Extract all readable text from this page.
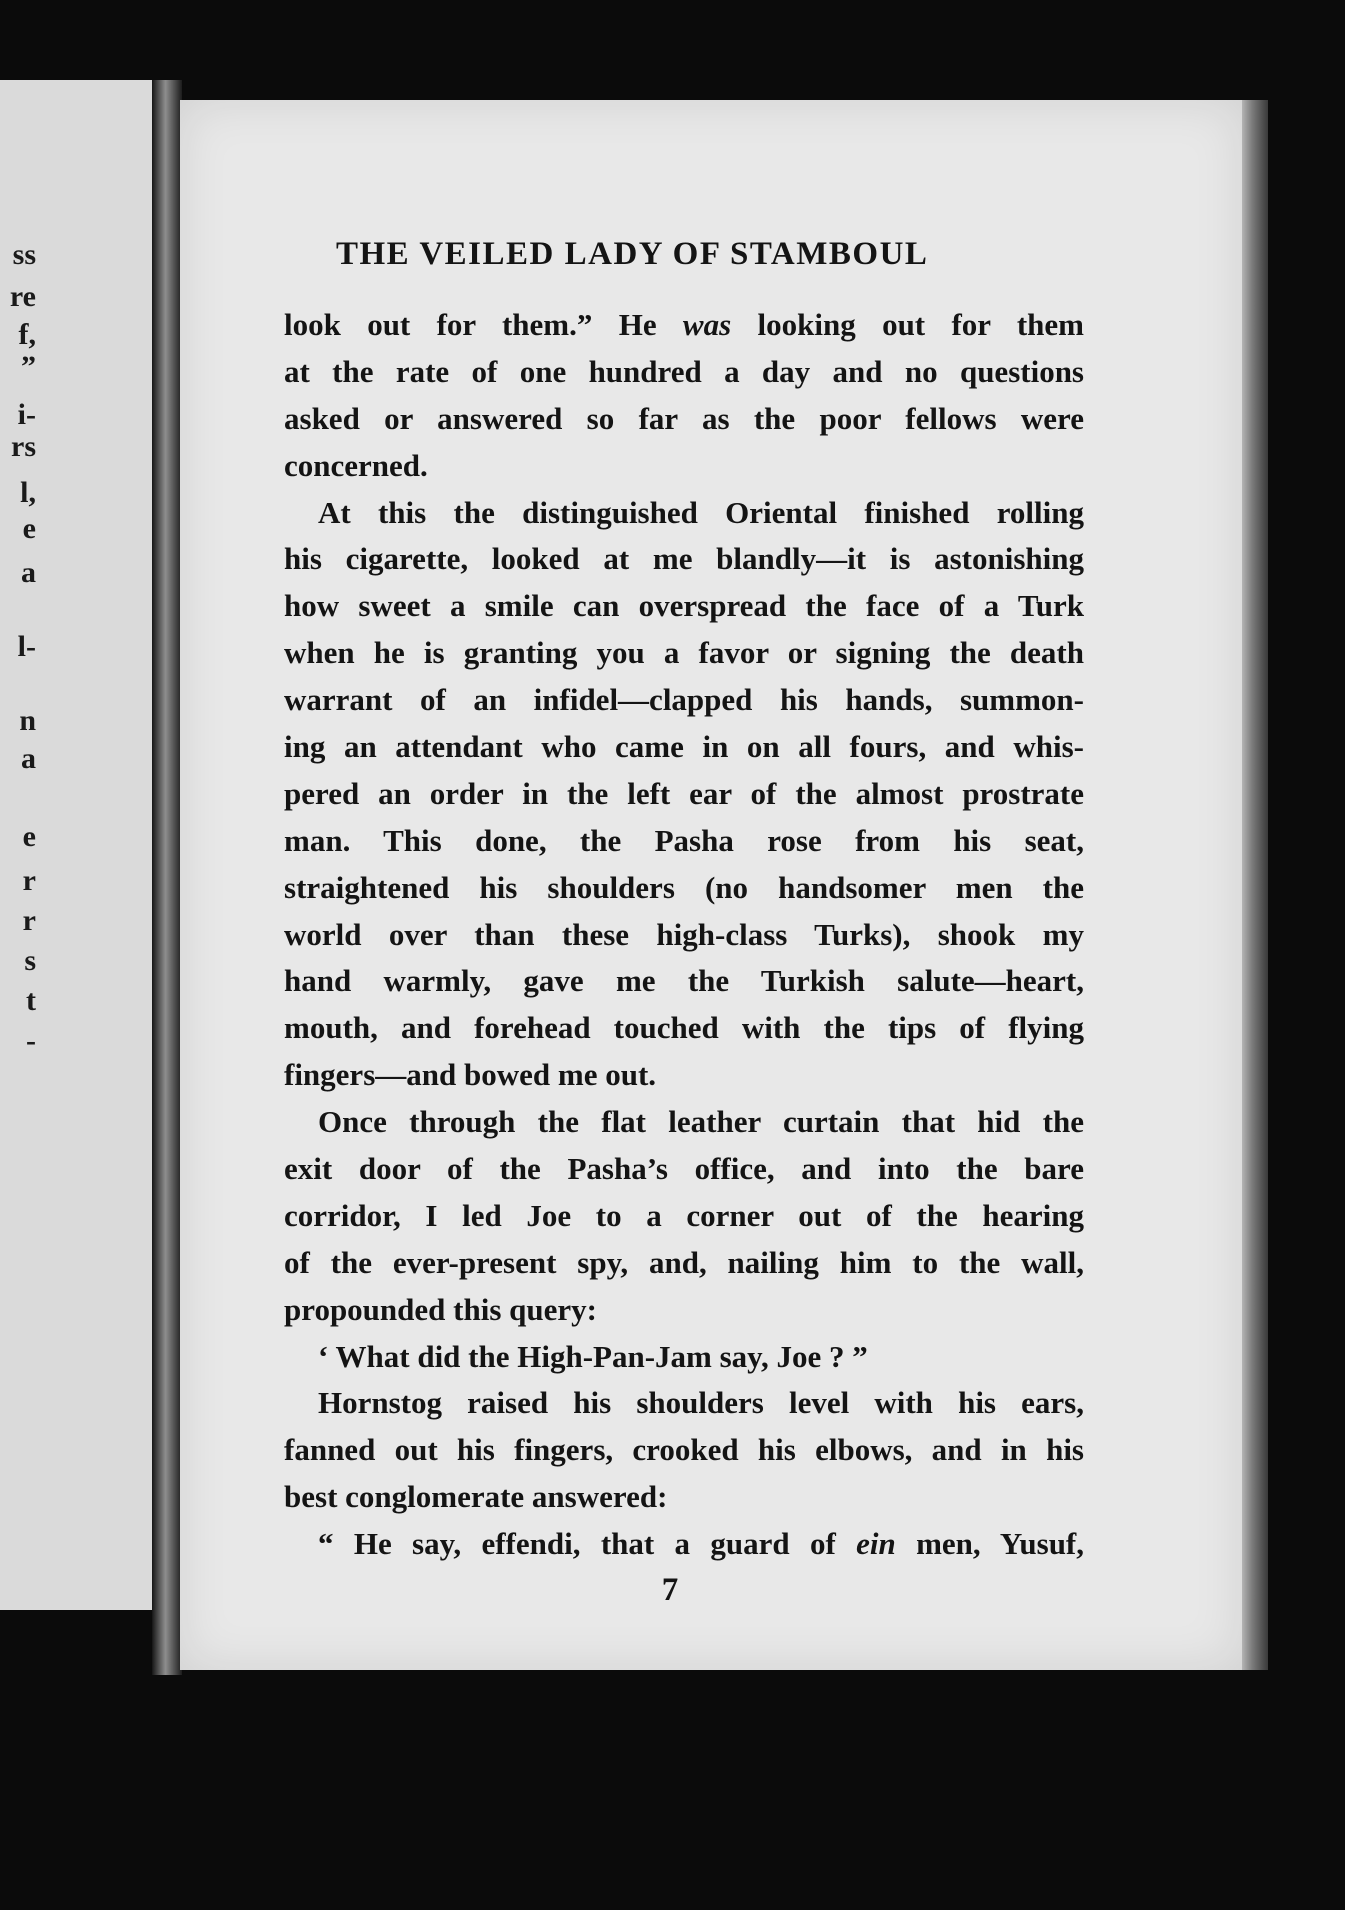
ss
re
f,
”
i-
rs
l,
e
a
l-
n
a
e
r
r
s
t
-
THE VEILED LADY OF STAMBOUL
look out for them.” He was looking out for them
at the rate of one hundred a day and no questions
asked or answered so far as the poor fellows were
concerned.
At this the distinguished Oriental finished rolling
his cigarette, looked at me blandly—it is astonishing
how sweet a smile can overspread the face of a Turk
when he is granting you a favor or signing the death
warrant of an infidel—clapped his hands, summon-
ing an attendant who came in on all fours, and whis-
pered an order in the left ear of the almost prostrate
man. This done, the Pasha rose from his seat,
straightened his shoulders (no handsomer men the
world over than these high-class Turks), shook my
hand warmly, gave me the Turkish salute—heart,
mouth, and forehead touched with the tips of flying
fingers—and bowed me out.
Once through the flat leather curtain that hid the
exit door of the Pasha’s office, and into the bare
corridor, I led Joe to a corner out of the hearing
of the ever-present spy, and, nailing him to the wall,
propounded this query:
‘ What did the High-Pan-Jam say, Joe ? ”
Hornstog raised his shoulders level with his ears,
fanned out his fingers, crooked his elbows, and in his
best conglomerate answered:
“ He say, effendi, that a guard of ein men, Yusuf,
7
